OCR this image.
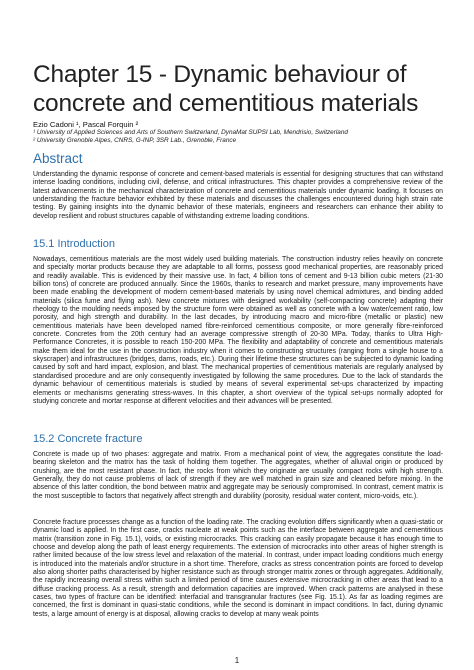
Chapter 15 - Dynamic behaviour of concrete and cementitious materials
Ezio Cadoni ¹, Pascal Forquin ²
¹ University of Applied Sciences and Arts of Southern Switzerland, DynaMat SUPSI Lab, Mendrisio, Switzerland
² University Grenoble Alpes, CNRS, G-INP, 3SR Lab., Grenoble, France
Abstract
Understanding the dynamic response of concrete and cement-based materials is essential for designing structures that can withstand intense loading conditions, including civil, defense, and critical infrastructures. This chapter provides a comprehensive review of the latest advancements in the mechanical characterization of concrete and cementitious materials under dynamic loading. It focuses on understanding the fracture behavior exhibited by these materials and discusses the challenges encountered during high strain rate testing. By gaining insights into the dynamic behavior of these materials, engineers and researchers can enhance their ability to develop resilient and robust structures capable of withstanding extreme loading conditions.
15.1 Introduction
Nowadays, cementitious materials are the most widely used building materials. The construction industry relies heavily on concrete and specialty mortar products because they are adaptable to all forms, possess good mechanical properties, are reasonably priced and readily available. This is evidenced by their massive use. In fact, 4 billion tons of cement and 9-13 billion cubic meters (21-30 billion tons) of concrete are produced annually. Since the 1960s, thanks to research and market pressure, many improvements have been made enabling the development of modern cement-based materials by using novel chemical admixtures, and binding added materials (silica fume and flying ash). New concrete mixtures with designed workability (self-compacting concrete) adapting their rheology to the moulding needs imposed by the structure form were obtained as well as concrete with a low water/cement ratio, low porosity, and high strength and durability. In the last decades, by introducing macro and micro-fibre (metallic or plastic) new cementitious materials have been developed named fibre-reinforced cementitious composite, or more generally fibre-reinforced concrete. Concretes from the 20th century had an average compressive strength of 20-30 MPa. Today, thanks to Ultra High-Performance Concretes, it is possible to reach 150-200 MPa. The flexibility and adaptability of concrete and cementitious materials make them ideal for the use in the construction industry when it comes to constructing structures (ranging from a single house to a skyscraper) and infrastructures (bridges, dams, roads, etc.). During their lifetime these structures can be subjected to dynamic loading caused by soft and hard impact, explosion, and blast. The mechanical properties of cementitious materials are regularly analysed by standardised procedure and are only consequently investigated by following the same procedures. Due to the lack of standards the dynamic behaviour of cementitious materials is studied by means of several experimental set-ups characterized by impacting elements or mechanisms generating stress-waves. In this chapter, a short overview of the typical set-ups normally adopted for studying concrete and mortar response at different velocities and their advances will be presented.
15.2 Concrete fracture
Concrete is made up of two phases: aggregate and matrix. From a mechanical point of view, the aggregates constitute the load-bearing skeleton and the matrix has the task of holding them together. The aggregates, whether of alluvial origin or produced by crushing, are the most resistant phase. In fact, the rocks from which they originate are usually compact rocks with high strength. Generally, they do not cause problems of lack of strength if they are well matched in grain size and cleaned before mixing. In the absence of this latter condition, the bond between matrix and aggregate may be seriously compromised. In contrast, cement matrix is the most susceptible to factors that negatively affect strength and durability (porosity, residual water content, micro-voids, etc.).
Concrete fracture processes change as a function of the loading rate. The cracking evolution differs significantly when a quasi-static or dynamic load is applied. In the first case, cracks nucleate at weak points such as the interface between aggregate and cementitious matrix (transition zone in Fig. 15.1), voids, or existing microcracks. This cracking can easily propagate because it has enough time to choose and develop along the path of least energy requirements. The extension of microcracks into other areas of higher strength is rather limited because of the low stress level and relaxation of the material. In contrast, under impact loading conditions much energy is introduced into the materials and/or structure in a short time. Therefore, cracks as stress concentration points are forced to develop also along shorter paths characterised by higher resistance such as through stronger matrix zones or through aggregates. Additionally, the rapidly increasing overall stress within such a limited period of time causes extensive microcracking in other areas that lead to a diffuse cracking process. As a result, strength and deformation capacities are improved. When crack patterns are analysed in these cases, two types of fracture can be identified: interfacial and transgranular fractures (see Fig. 15.1). As far as loading regimes are concerned, the first is dominant in quasi-static conditions, while the second is dominant in impact conditions. In fact, during dynamic tests, a large amount of energy is at disposal, allowing cracks to develop at many weak points
1
